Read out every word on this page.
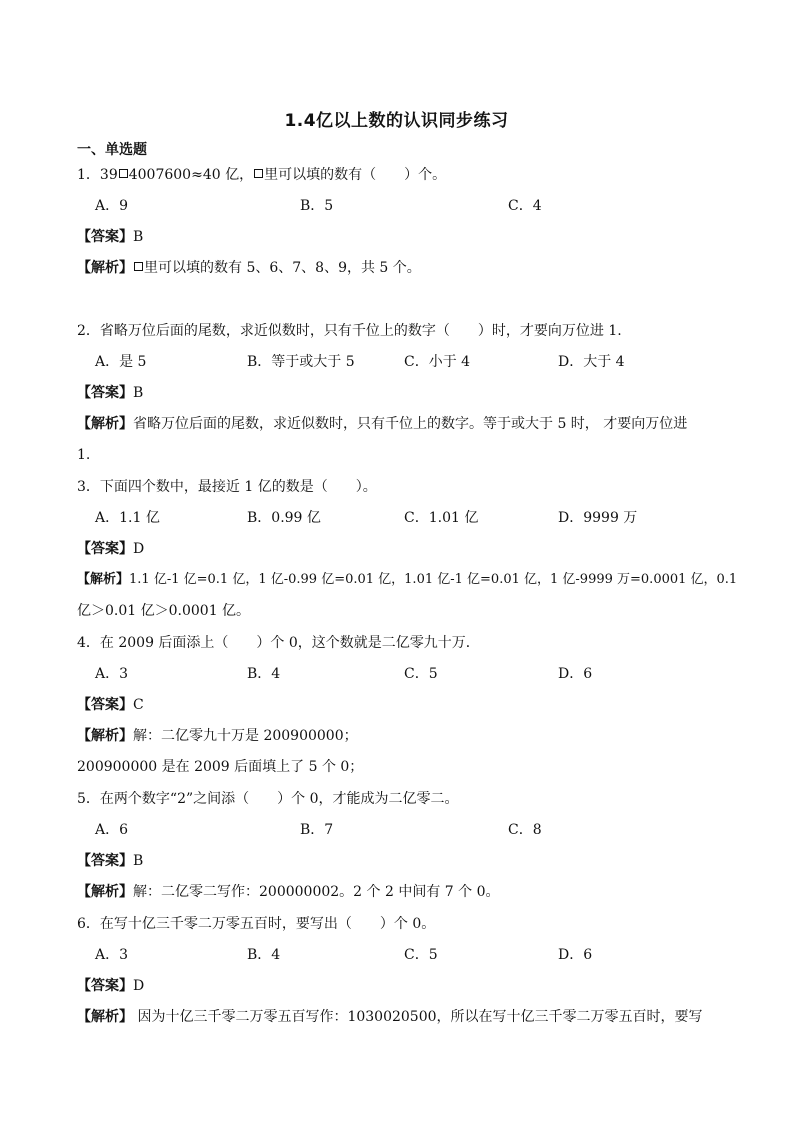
1.4亿以上数的认识同步练习
一、单选题
1．39 4007600≈40 亿， 里可以填的数有（　　）个。
A．9	B．5	C．4
【答案】B
【解析】 里可以填的数有 5、6、7、8、9，共 5 个。
2．省略万位后面的尾数，求近似数时，只有千位上的数字（　　）时，才要向万位进 1.
A．是 5	B．等于或大于 5	C．小于 4	D．大于 4
【答案】B
【解析】省略万位后面的尾数，求近似数时，只有千位上的数字。等于或大于 5 时， 才要向万位进
1.
3．下面四个数中，最接近 1 亿的数是（　　）。
A．1.1 亿	B．0.99 亿	C．1.01 亿	D．9999 万
【答案】D
【解析】1.1 亿-1 亿=0.1 亿，1 亿-0.99 亿=0.01 亿，1.01 亿-1 亿=0.01 亿，1 亿-9999 万=0.0001 亿，0.1
亿＞0.01 亿＞0.0001 亿。
4．在 2009 后面添上（　　）个 0，这个数就是二亿零九十万．
A．3	B．4	C．5	D．6
【答案】C
【解析】解：二亿零九十万是 200900000；
200900000 是在 2009 后面填上了 5 个 0；
5．在两个数字“2”之间添（　　）个 0，才能成为二亿零二。
A．6	B．7	C．8
【答案】B
【解析】解：二亿零二写作：200000002。2 个 2 中间有 7 个 0。
6．在写十亿三千零二万零五百时，要写出（　　）个 0。
A．3	B．4	C．5	D．6
【答案】D
【解析】 因为十亿三千零二万零五百写作：1030020500，所以在写十亿三千零二万零五百时，要写
